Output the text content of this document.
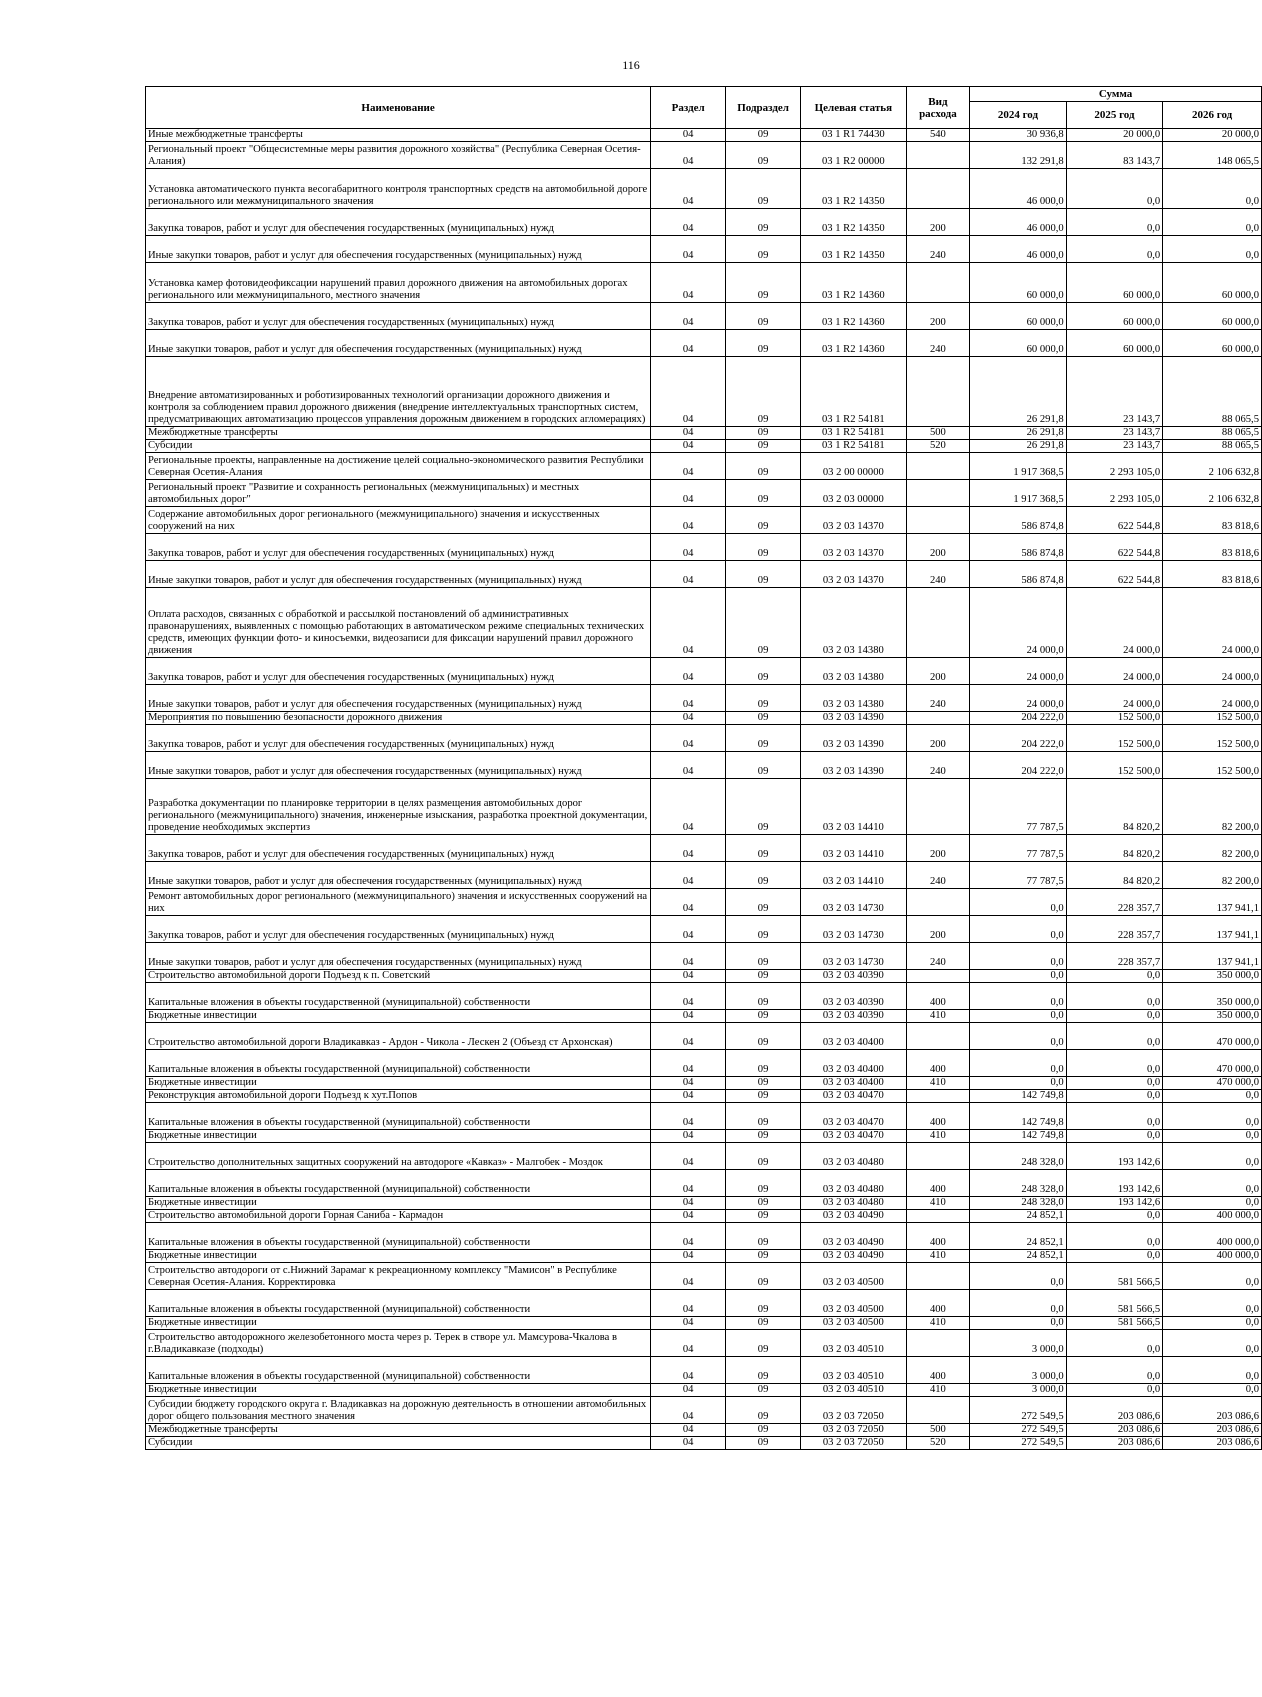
116
Наименование	Раздел	Подраздел	Целевая статья	Вид расхода	Сумма		
					2024 год	2025 год	2026 год
Иные межбюджетные трансферты	04	09	03 1 R1 74430	540	30 936,8	20 000,0	20 000,0
Региональный проект "Общесистемные меры развития дорожного хозяйства" (Республика Северная Осетия-Алания)	04	09	03 1 R2 00000		132 291,8	83 143,7	148 065,5
Установка автоматического пункта весогабаритного контроля транспортных средств на автомобильной дороге регионального или межмуниципального значения	04	09	03 1 R2 14350		46 000,0	0,0	0,0
Закупка товаров, работ и услуг для обеспечения государственных (муниципальных) нужд	04	09	03 1 R2 14350	200	46 000,0	0,0	0,0
Иные закупки товаров, работ и услуг для обеспечения государственных (муниципальных) нужд	04	09	03 1 R2 14350	240	46 000,0	0,0	0,0
Установка камер фотовидеофиксации нарушений правил дорожного движения на автомобильных дорогах регионального или межмуниципального, местного значения	04	09	03 1 R2 14360		60 000,0	60 000,0	60 000,0
Закупка товаров, работ и услуг для обеспечения государственных (муниципальных) нужд	04	09	03 1 R2 14360	200	60 000,0	60 000,0	60 000,0
Иные закупки товаров, работ и услуг для обеспечения государственных (муниципальных) нужд	04	09	03 1 R2 14360	240	60 000,0	60 000,0	60 000,0
Внедрение автоматизированных и роботизированных технологий организации дорожного движения и контроля за соблюдением правил дорожного движения (внедрение интеллектуальных транспортных систем, предусматривающих автоматизацию процессов управления дорожным движением в городских агломерациях)	04	09	03 1 R2 54181		26 291,8	23 143,7	88 065,5
Межбюджетные трансферты	04	09	03 1 R2 54181	500	26 291,8	23 143,7	88 065,5
Субсидии	04	09	03 1 R2 54181	520	26 291,8	23 143,7	88 065,5
Региональные проекты, направленные на достижение целей социально-экономического развития Республики Северная Осетия-Алания	04	09	03 2 00 00000		1 917 368,5	2 293 105,0	2 106 632,8
Региональный проект "Развитие и сохранность региональных (межмуниципальных) и местных автомобильных дорог"	04	09	03 2 03 00000		1 917 368,5	2 293 105,0	2 106 632,8
Содержание автомобильных дорог регионального (межмуниципального) значения и искусственных сооружений на них	04	09	03 2 03 14370		586 874,8	622 544,8	83 818,6
Закупка товаров, работ и услуг для обеспечения государственных (муниципальных) нужд	04	09	03 2 03 14370	200	586 874,8	622 544,8	83 818,6
Иные закупки товаров, работ и услуг для обеспечения государственных (муниципальных) нужд	04	09	03 2 03 14370	240	586 874,8	622 544,8	83 818,6
Оплата расходов, связанных с обработкой и рассылкой постановлений об административных правонарушениях, выявленных с помощью работающих в автоматическом режиме специальных технических средств, имеющих функции фото- и киносъемки, видеозаписи для фиксации нарушений правил дорожного движения	04	09	03 2 03 14380		24 000,0	24 000,0	24 000,0
Закупка товаров, работ и услуг для обеспечения государственных (муниципальных) нужд	04	09	03 2 03 14380	200	24 000,0	24 000,0	24 000,0
Иные закупки товаров, работ и услуг для обеспечения государственных (муниципальных) нужд	04	09	03 2 03 14380	240	24 000,0	24 000,0	24 000,0
Мероприятия по повышению безопасности дорожного движения	04	09	03 2 03 14390		204 222,0	152 500,0	152 500,0
Закупка товаров, работ и услуг для обеспечения государственных (муниципальных) нужд	04	09	03 2 03 14390	200	204 222,0	152 500,0	152 500,0
Иные закупки товаров, работ и услуг для обеспечения государственных (муниципальных) нужд	04	09	03 2 03 14390	240	204 222,0	152 500,0	152 500,0
Разработка документации по планировке территории в целях размещения автомобильных дорог регионального (межмуниципального) значения, инженерные изыскания, разработка проектной документации, проведение необходимых экспертиз	04	09	03 2 03 14410		77 787,5	84 820,2	82 200,0
Закупка товаров, работ и услуг для обеспечения государственных (муниципальных) нужд	04	09	03 2 03 14410	200	77 787,5	84 820,2	82 200,0
Иные закупки товаров, работ и услуг для обеспечения государственных (муниципальных) нужд	04	09	03 2 03 14410	240	77 787,5	84 820,2	82 200,0
Ремонт автомобильных дорог регионального (межмуниципального) значения и искусственных сооружений на них	04	09	03 2 03 14730		0,0	228 357,7	137 941,1
Закупка товаров, работ и услуг для обеспечения государственных (муниципальных) нужд	04	09	03 2 03 14730	200	0,0	228 357,7	137 941,1
Иные закупки товаров, работ и услуг для обеспечения государственных (муниципальных) нужд	04	09	03 2 03 14730	240	0,0	228 357,7	137 941,1
Строительство автомобильной дороги Подъезд к п. Советский	04	09	03 2 03 40390		0,0	0,0	350 000,0
Капитальные вложения в объекты государственной (муниципальной) собственности	04	09	03 2 03 40390	400	0,0	0,0	350 000,0
Бюджетные инвестиции	04	09	03 2 03 40390	410	0,0	0,0	350 000,0
Строительство автомобильной дороги Владикавказ - Ардон - Чикола - Лескен 2 (Объезд ст Архонская)	04	09	03 2 03 40400		0,0	0,0	470 000,0
Капитальные вложения в объекты государственной (муниципальной) собственности	04	09	03 2 03 40400	400	0,0	0,0	470 000,0
Бюджетные инвестиции	04	09	03 2 03 40400	410	0,0	0,0	470 000,0
Реконструкция автомобильной дороги Подъезд к хут.Попов	04	09	03 2 03 40470		142 749,8	0,0	0,0
Капитальные вложения в объекты государственной (муниципальной) собственности	04	09	03 2 03 40470	400	142 749,8	0,0	0,0
Бюджетные инвестиции	04	09	03 2 03 40470	410	142 749,8	0,0	0,0
Строительство дополнительных защитных сооружений на автодороге «Кавказ» - Малгобек - Моздок	04	09	03 2 03 40480		248 328,0	193 142,6	0,0
Капитальные вложения в объекты государственной (муниципальной) собственности	04	09	03 2 03 40480	400	248 328,0	193 142,6	0,0
Бюджетные инвестиции	04	09	03 2 03 40480	410	248 328,0	193 142,6	0,0
Строительство автомобильной дороги Горная Саниба - Кармадон	04	09	03 2 03 40490		24 852,1	0,0	400 000,0
Капитальные вложения в объекты государственной (муниципальной) собственности	04	09	03 2 03 40490	400	24 852,1	0,0	400 000,0
Бюджетные инвестиции	04	09	03 2 03 40490	410	24 852,1	0,0	400 000,0
Строительство автодороги от с.Нижний Зарамаг к рекреационному комплексу "Мамисон" в Республике Северная Осетия-Алания. Корректировка	04	09	03 2 03 40500		0,0	581 566,5	0,0
Капитальные вложения в объекты государственной (муниципальной) собственности	04	09	03 2 03 40500	400	0,0	581 566,5	0,0
Бюджетные инвестиции	04	09	03 2 03 40500	410	0,0	581 566,5	0,0
Строительство автодорожного железобетонного моста через р. Терек в створе ул. Мамсурова-Чкалова в г.Владикавказе (подходы)	04	09	03 2 03 40510		3 000,0	0,0	0,0
Капитальные вложения в объекты государственной (муниципальной) собственности	04	09	03 2 03 40510	400	3 000,0	0,0	0,0
Бюджетные инвестиции	04	09	03 2 03 40510	410	3 000,0	0,0	0,0
Субсидии бюджету городского округа г. Владикавказ на дорожную деятельность в отношении автомобильных дорог общего пользования местного значения	04	09	03 2 03 72050		272 549,5	203 086,6	203 086,6
Межбюджетные трансферты	04	09	03 2 03 72050	500	272 549,5	203 086,6	203 086,6
Субсидии	04	09	03 2 03 72050	520	272 549,5	203 086,6	203 086,6
